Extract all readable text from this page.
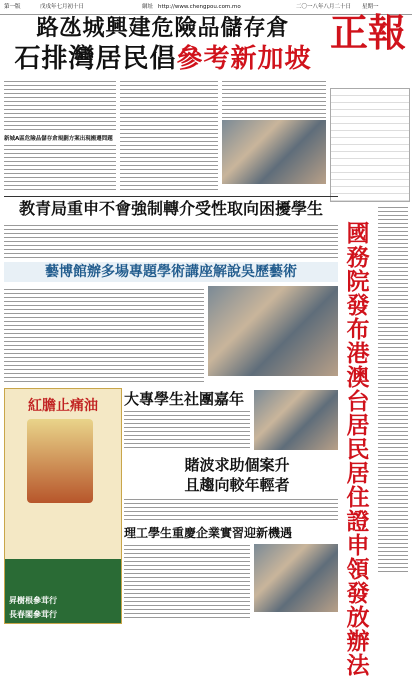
第一版	戊戌年七月初十日	網址 http://www.chengpou.com.mo	二〇一八年八月二十日 星期一
路氹城興建危險品儲存倉
石排灣居民倡參考新加坡
正報
新城A區危險品儲存倉規劃方案出現搬遷問題
教青局重申不會強制轉介受性取向困擾學生
藝博館辦多場專題學術講座解說吳歷藝術
國務院發布港澳台居民居住證申領發放辦法
紅膽止痛油
昇樹根參茸行
長春閣參茸行
大專學生社團嘉年
賭波求助個案升
且趨向較年輕者
理工學生重慶企業實習迎新機遇
